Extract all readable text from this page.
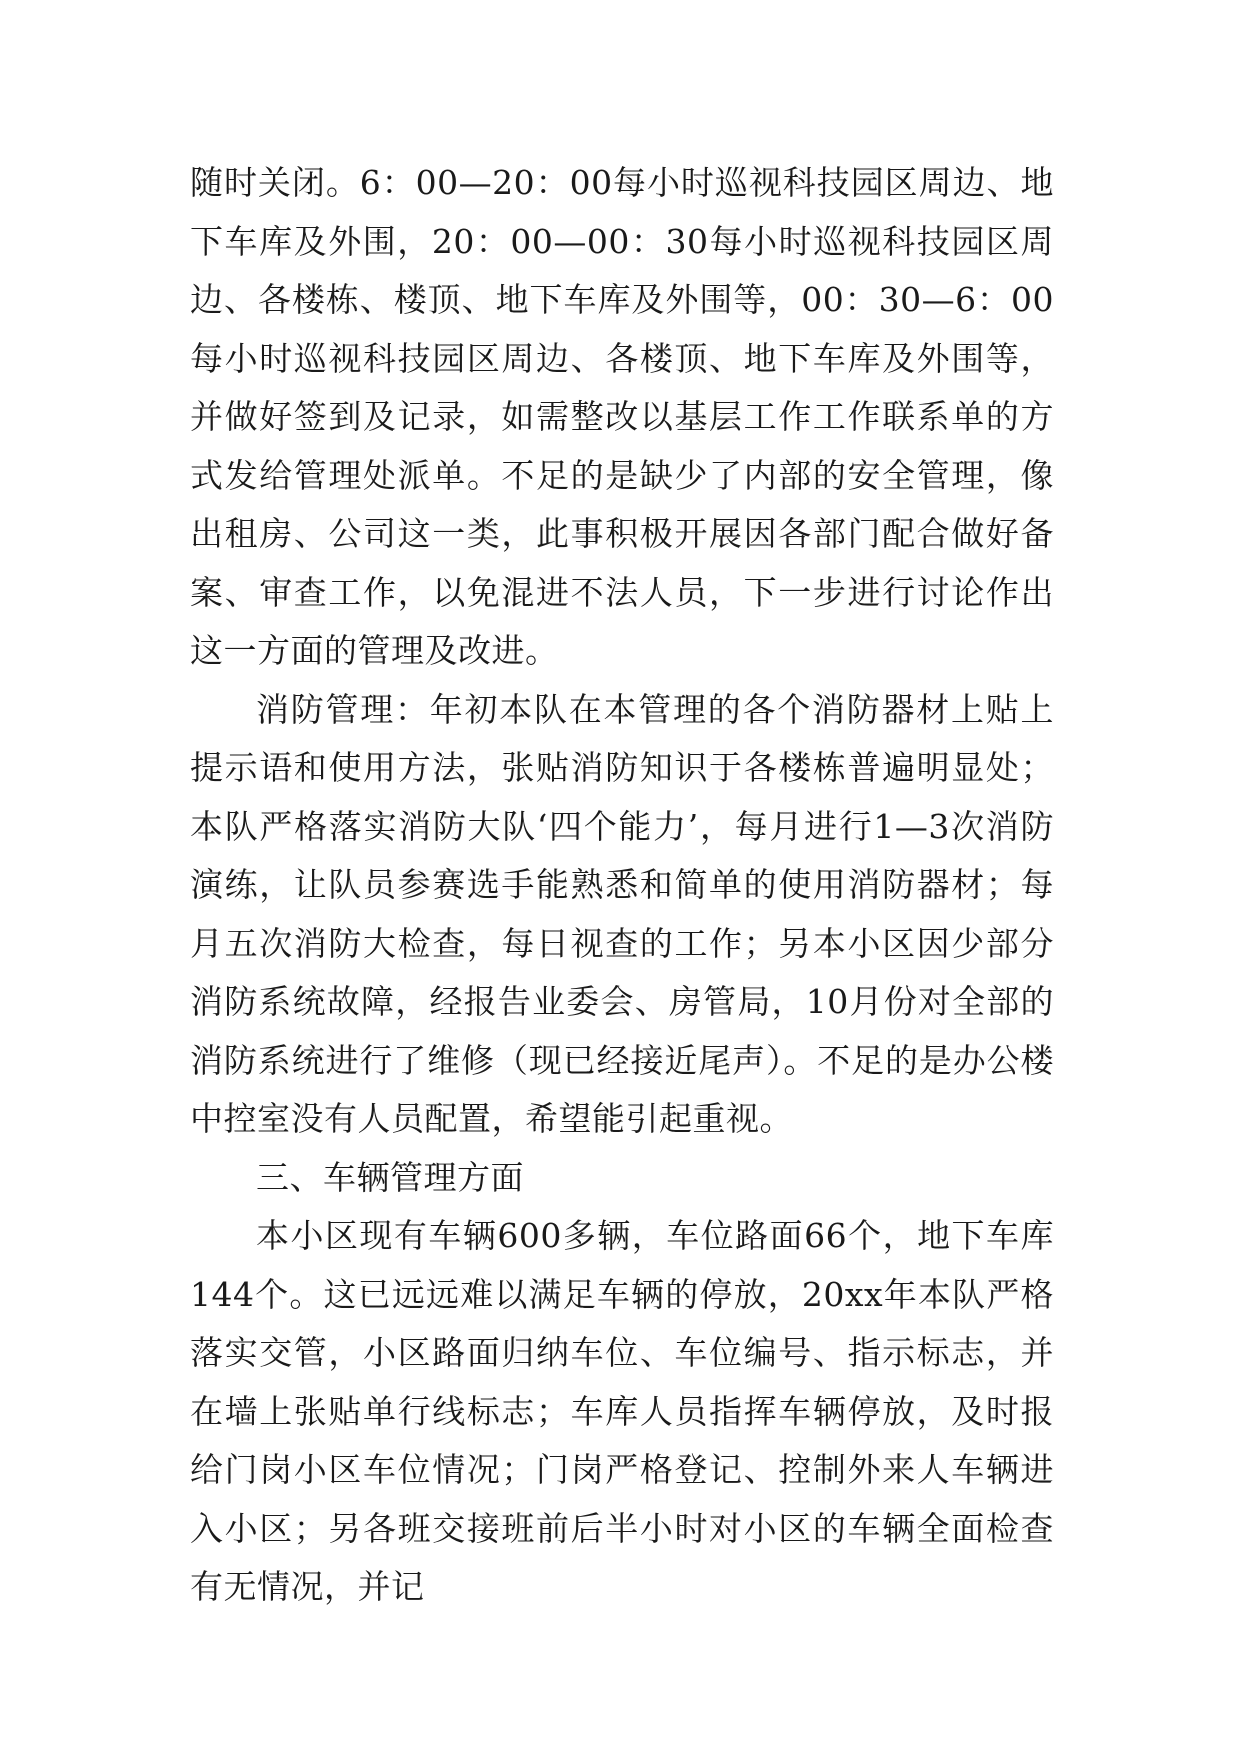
随时关闭。6：00—20：00每小时巡视科技园区周边、地下车库及外围，20：00—00：30每小时巡视科技园区周边、各楼栋、楼顶、地下车库及外围等，00：30—6：00每小时巡视科技园区周边、各楼顶、地下车库及外围等，并做好签到及记录，如需整改以基层工作工作联系单的方式发给管理处派单。不足的是缺少了内部的安全管理，像出租房、公司这一类，此事积极开展因各部门配合做好备案、审查工作，以免混进不法人员，下一步进行讨论作出这一方面的管理及改进。

消防管理：年初本队在本管理的各个消防器材上贴上提示语和使用方法，张贴消防知识于各楼栋普遍明显处；本队严格落实消防大队‘四个能力’，每月进行1—3次消防演练，让队员参赛选手能熟悉和简单的使用消防器材；每月五次消防大检查，每日视查的工作；另本小区因少部分消防系统故障，经报告业委会、房管局，10月份对全部的消防系统进行了维修（现已经接近尾声）。不足的是办公楼中控室没有人员配置，希望能引起重视。

三、车辆管理方面

本小区现有车辆600多辆，车位路面66个，地下车库144个。这已远远难以满足车辆的停放，20xx年本队严格落实交管，小区路面归纳车位、车位编号、指示标志，并在墙上张贴单行线标志；车库人员指挥车辆停放，及时报给门岗小区车位情况；门岗严格登记、控制外来人车辆进入小区；另各班交接班前后半小时对小区的车辆全面检查有无情况，并记
